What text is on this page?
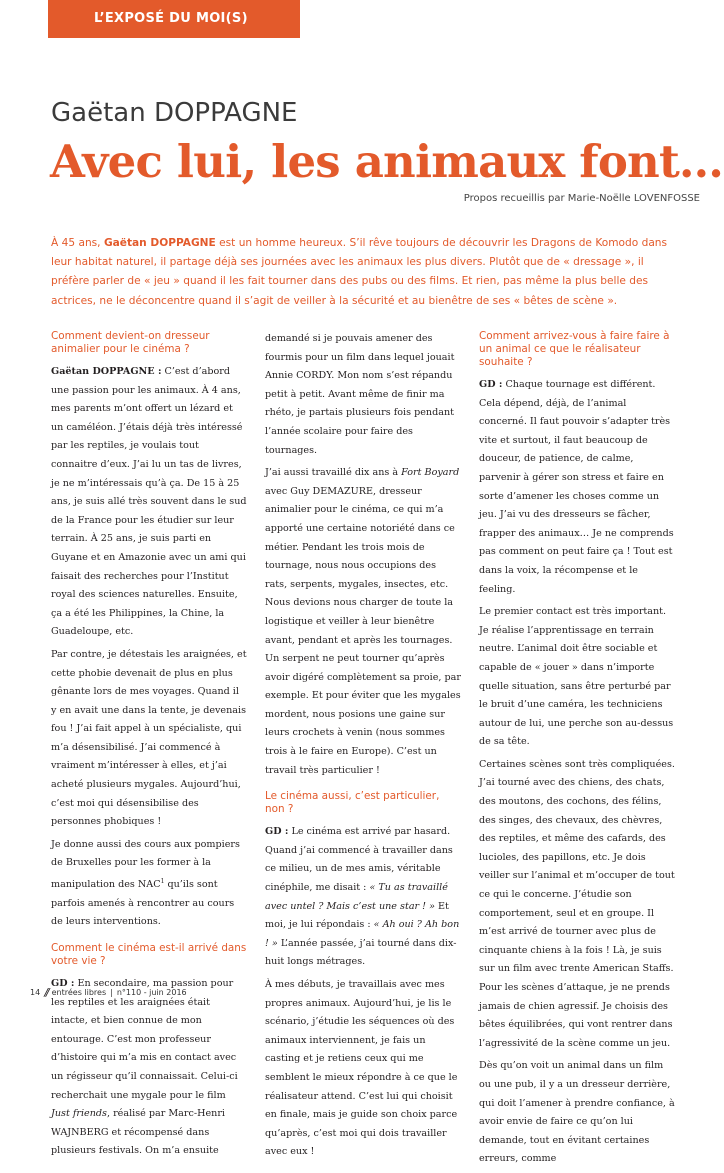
L’EXPOSÉ DU MOI(S)
Gaëtan DOPPAGNE
Avec lui, les animaux font…
Propos recueillis par Marie-Noëlle LOVENFOSSE
À 45 ans, Gaëtan DOPPAGNE est un homme heureux. S’il rêve toujours de découvrir les Dragons de Komodo dans leur habitat naturel, il partage déjà ses journées avec les animaux les plus divers. Plutôt que de « dressage », il préfère parler de « jeu » quand il les fait tourner dans des pubs ou des films. Et rien, pas même la plus belle des actrices, ne le déconcentre quand il s’agit de veiller à la sécurité et au bienêtre de ses « bêtes de scène ».
Comment devient-on dresseur animalier pour le cinéma ?

Gaëtan DOPPAGNE : C’est d’abord une passion pour les animaux. À 4 ans, mes parents m’ont offert un lézard et un caméléon. J’étais déjà très intéressé par les reptiles, je voulais tout connaitre d’eux. J’ai lu un tas de livres, je ne m’intéressais qu’à ça. De 15 à 25 ans, je suis allé très souvent dans le sud de la France pour les étudier sur leur terrain. À 25 ans, je suis parti en Guyane et en Amazonie avec un ami qui faisait des recherches pour l’Institut royal des sciences naturelles. Ensuite, ça a été les Philippines, la Chine, la Guadeloupe, etc.

Par contre, je détestais les araignées, et cette phobie devenait de plus en plus gênante lors de mes voyages. Quand il y en avait une dans la tente, je devenais fou ! J’ai fait appel à un spécialiste, qui m’a désensibilisé. J’ai commencé à vraiment m’intéresser à elles, et j’ai acheté plusieurs mygales. Aujourd’hui, c’est moi qui désensibilise des personnes phobiques !

Je donne aussi des cours aux pompiers de Bruxelles pour les former à la manipulation des NAC$^1$ qu’ils sont parfois amenés à rencontrer au cours de leurs interventions.

Comment le cinéma est-il arrivé dans votre vie ?

GD : En secondaire, ma passion pour les reptiles et les araignées était intacte, et bien connue de mon entourage. C’est mon professeur d’histoire qui m’a mis en contact avec un régisseur qu’il connaissait. Celui-ci recherchait une mygale pour le film Just friends, réalisé par Marc-Henri WAJNBERG et récompensé dans plusieurs festivals. On m’a ensuite

demandé si je pouvais amener des fourmis pour un film dans lequel jouait Annie CORDY. Mon nom s’est répandu petit à petit. Avant même de finir ma rhéto, je partais plusieurs fois pendant l’année scolaire pour faire des tournages.

J’ai aussi travaillé dix ans à Fort Boyard avec Guy DEMAZURE, dresseur animalier pour le cinéma, ce qui m’a apporté une certaine notoriété dans ce métier. Pendant les trois mois de tournage, nous nous occupions des rats, serpents, mygales, insectes, etc. Nous devions nous charger de toute la logistique et veiller à leur bienêtre avant, pendant et après les tournages. Un serpent ne peut tourner qu’après avoir digéré complètement sa proie, par exemple. Et pour éviter que les mygales mordent, nous posions une gaine sur leurs crochets à venin (nous sommes trois à le faire en Europe). C’est un travail très particulier !

Le cinéma aussi, c’est particulier, non ?

GD : Le cinéma est arrivé par hasard. Quand j’ai commencé à travailler dans ce milieu, un de mes amis, véritable cinéphile, me disait : « Tu as travaillé avec untel ? Mais c’est une star ! » Et moi, je lui répondais : « Ah oui ? Ah bon ! » L’année passée, j’ai tourné dans dix-huit longs métrages.

À mes débuts, je travaillais avec mes propres animaux. Aujourd’hui, je lis le scénario, j’étudie les séquences où des animaux interviennent, je fais un casting et je retiens ceux qui me semblent le mieux répondre à ce que le réalisateur attend. C’est lui qui choisit en finale, mais je guide son choix parce qu’après, c’est moi qui dois travailler avec eux !

Comment arrivez-vous à faire faire à un animal ce que le réalisateur souhaite ?

GD : Chaque tournage est différent. Cela dépend, déjà, de l’animal concerné. Il faut pouvoir s’adapter très vite et surtout, il faut beaucoup de douceur, de patience, de calme, parvenir à gérer son stress et faire en sorte d’amener les choses comme un jeu. J’ai vu des dresseurs se fâcher, frapper des animaux… Je ne comprends pas comment on peut faire ça ! Tout est dans la voix, la récompense et le feeling.

Le premier contact est très important. Je réalise l’apprentissage en terrain neutre. L’animal doit être sociable et capable de « jouer » dans n’importe quelle situation, sans être perturbé par le bruit d’une caméra, les techniciens autour de lui, une perche son au-dessus de sa tête.

Certaines scènes sont très compliquées. J’ai tourné avec des chiens, des chats, des moutons, des cochons, des félins, des singes, des chevaux, des chèvres, des reptiles, et même des cafards, des lucioles, des papillons, etc. Je dois veiller sur l’animal et m’occuper de tout ce qui le concerne. J’étudie son comportement, seul et en groupe. Il m’est arrivé de tourner avec plus de cinquante chiens à la fois ! Là, je suis sur un film avec trente American Staffs. Pour les scènes d’attaque, je ne prends jamais de chien agressif. Je choisis des bêtes équilibrées, qui vont rentrer dans l’agressivité de la scène comme un jeu.

Dès qu’on voit un animal dans un film ou une pub, il y a un dresseur derrière, qui doit l’amener à prendre confiance, à avoir envie de faire ce qu’on lui demande, tout en évitant certaines erreurs, comme

14 // entrées libres | n°110 - juin 2016
